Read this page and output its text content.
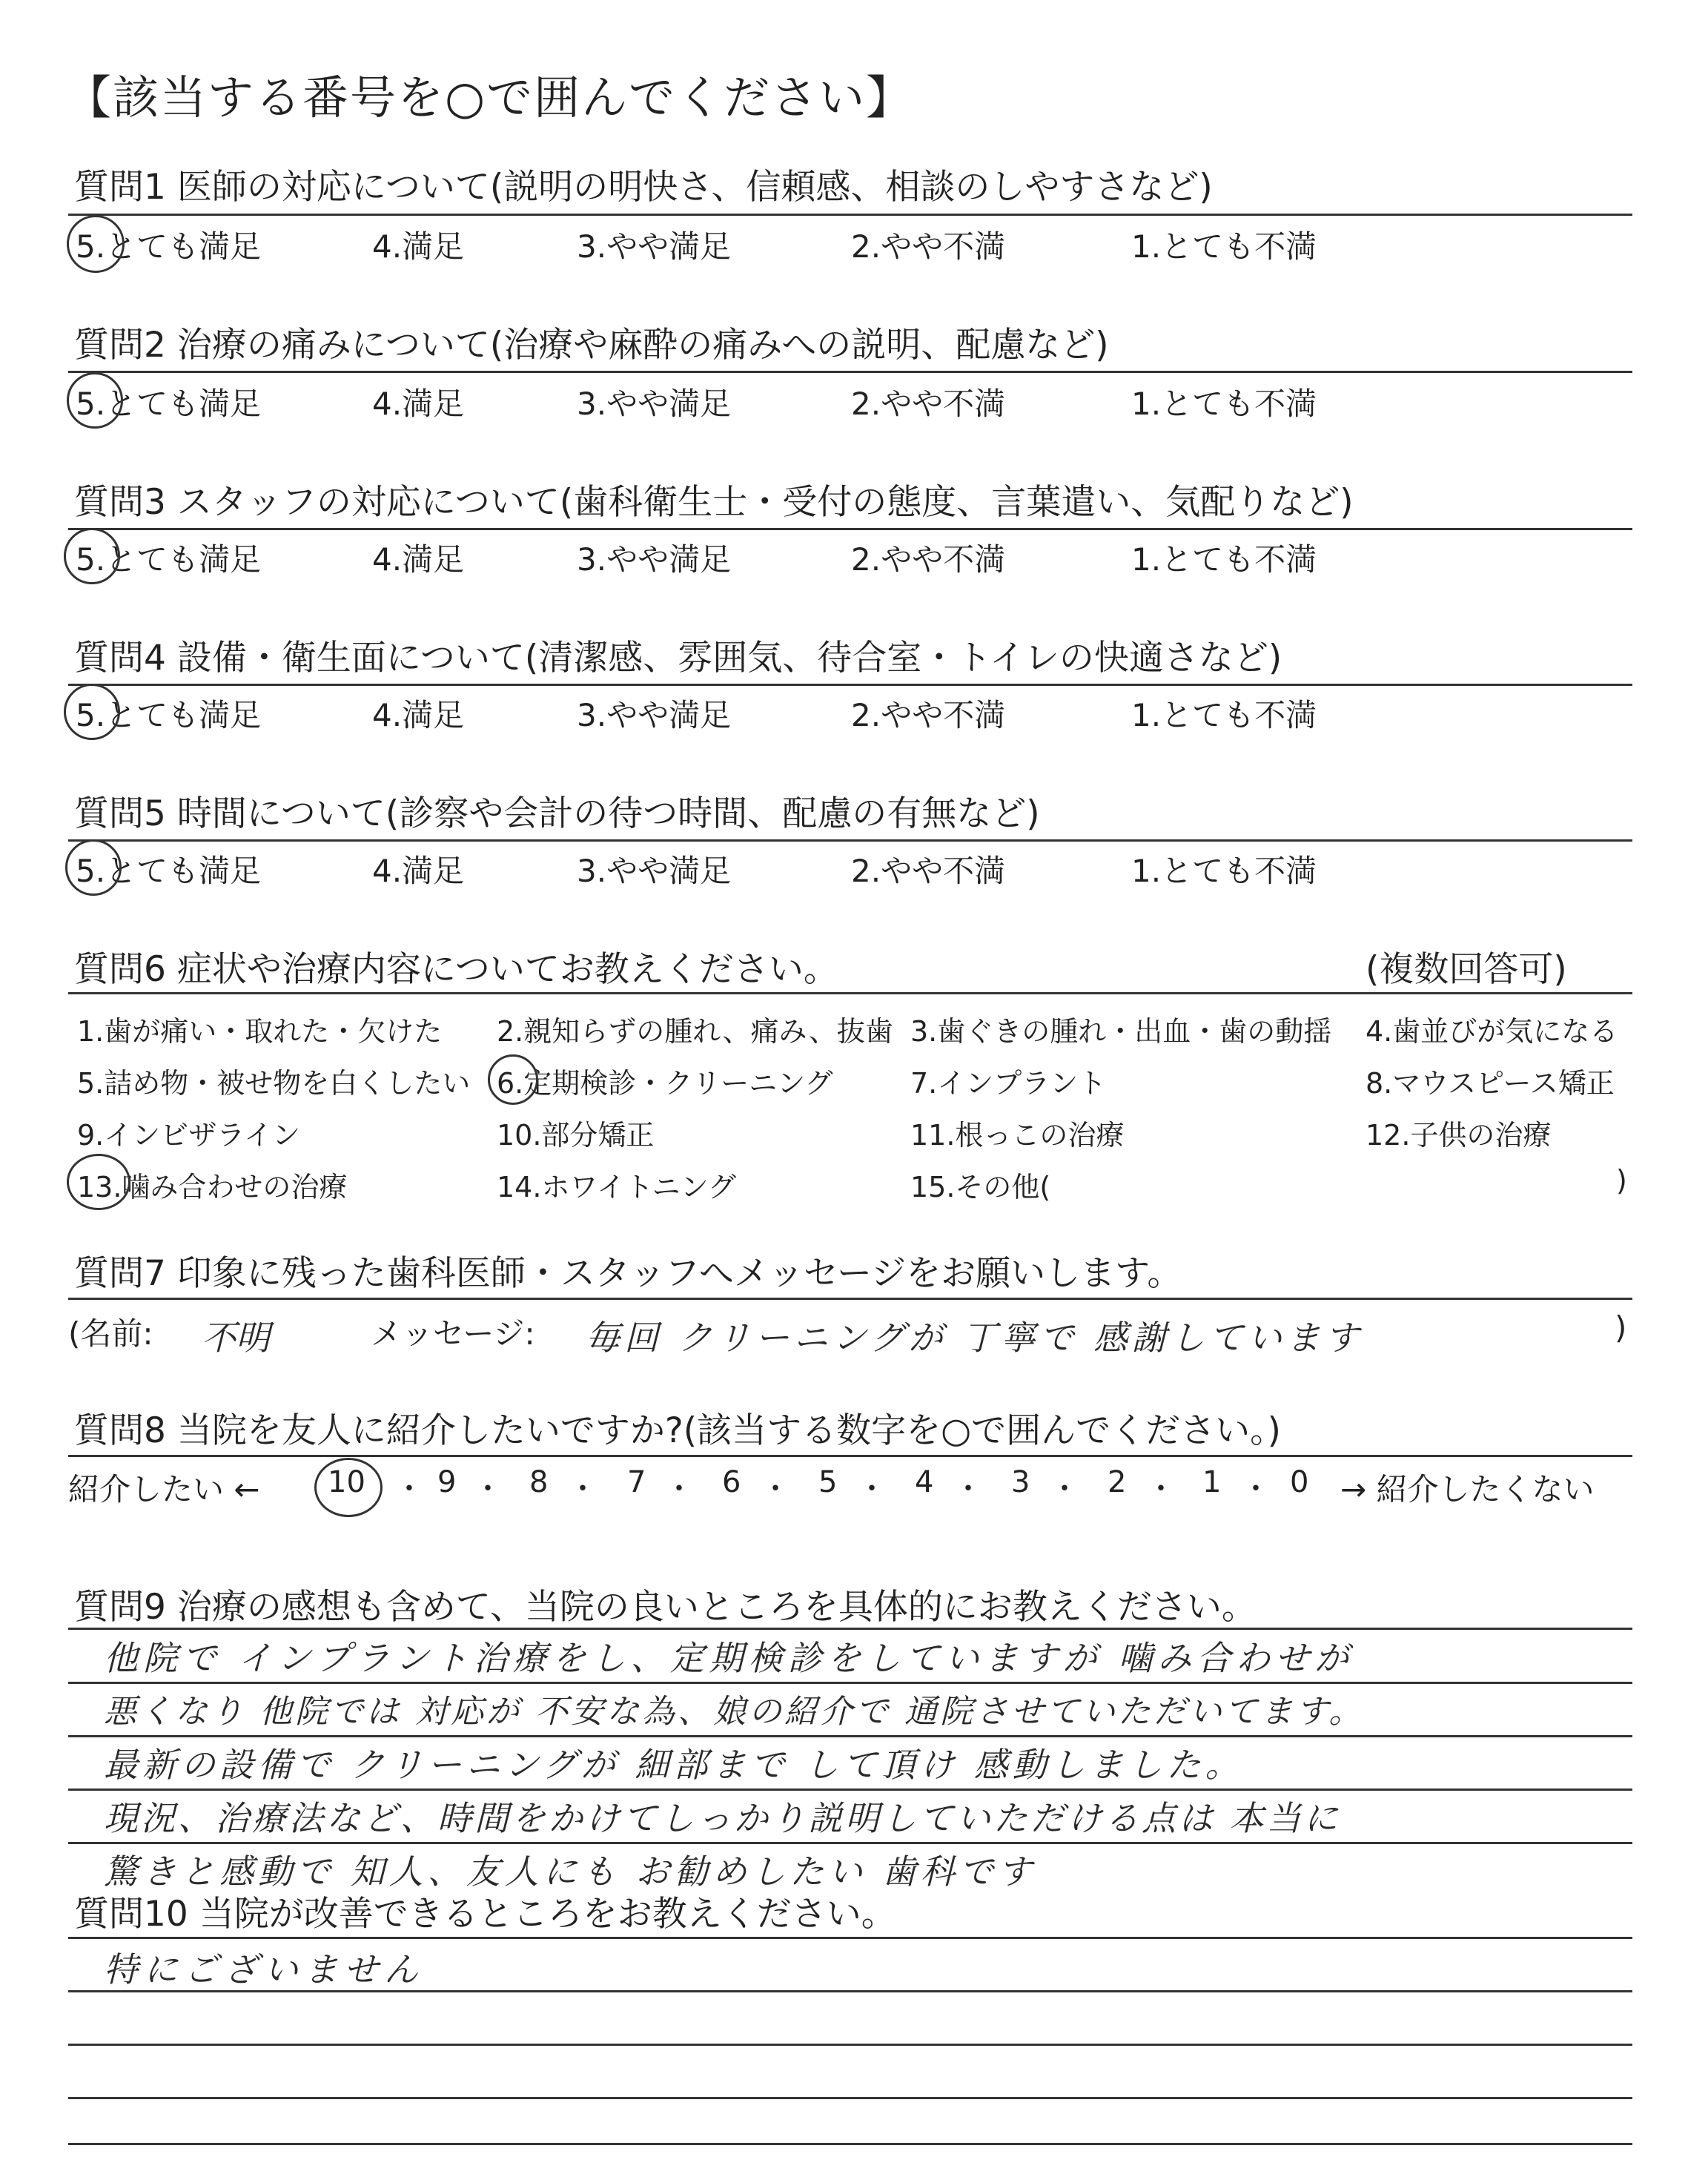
【該当する番号を○で囲んでください】
質問1 医師の対応について(説明の明快さ、信頼感、相談のしやすさなど)
5.とても満足	4.満足	3.やや満足	2.やや不満	1.とても不満
質問2 治療の痛みについて(治療や麻酔の痛みへの説明、配慮など)
5.とても満足	4.満足	3.やや満足	2.やや不満	1.とても不満
質問3 スタッフの対応について(歯科衛生士・受付の態度、言葉遣い、気配りなど)
5.とても満足	4.満足	3.やや満足	2.やや不満	1.とても不満
質問4 設備・衛生面について(清潔感、雰囲気、待合室・トイレの快適さなど)
5.とても満足	4.満足	3.やや満足	2.やや不満	1.とても不満
質問5 時間について(診察や会計の待つ時間、配慮の有無など)
5.とても満足	4.満足	3.やや満足	2.やや不満	1.とても不満
質問6 症状や治療内容についてお教えください。	(複数回答可)
1.歯が痛い・取れた・欠けた 2.親知らずの腫れ、痛み、抜歯 3.歯ぐきの腫れ・出血・歯の動揺 4.歯並びが気になる
5.詰め物・被せ物を白くしたい 6.定期検診・クリーニング	7.インプラント	8.マウスピース矯正
9.インビザライン	10.部分矯正	11.根っこの治療	12.子供の治療
13.噛み合わせの治療	14.ホワイトニング	15.その他(	)
質問7 印象に残った歯科医師・スタッフへメッセージをお願いします。
(名前: 不明	メッセージ: 毎回 クリーニングが 丁寧で 感謝しています	)
質問8 当院を友人に紹介したいですか?(該当する数字を○で囲んでください。)
紹介したい ← 10 ・ 9 ・ 8 ・ 7 ・ 6 ・ 5 ・ 4 ・ 3 ・ 2 ・ 1 ・ 0 → 紹介したくない
質問9 治療の感想も含めて、当院の良いところを具体的にお教えください。
他院で インプラント治療をし、定期検診をしていますが 噛み合わせが
悪くなり 他院では 対応が 不安な為、娘の紹介で 通院させていただいてます。
最新の設備で クリーニングが 細部まで して頂け 感動しました。
現況、治療法など、時間をかけてしっかり説明していただける点は 本当に
驚きと感動で 知人、友人にも お勧めしたい 歯科です
質問10 当院が改善できるところをお教えください。
特にございません
